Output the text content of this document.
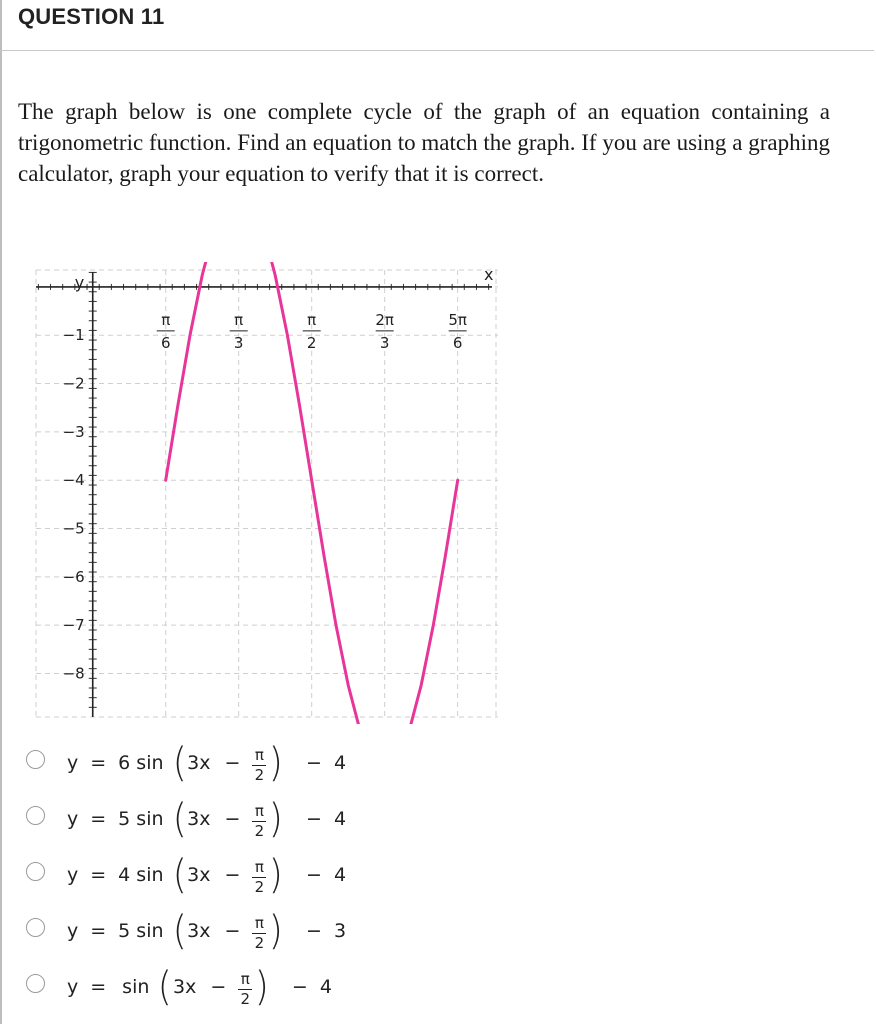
QUESTION 11
The graph below is one complete cycle of the graph of an equation containing a trigonometric function. Find an equation to match the graph. If you are using a graphing calculator, graph your equation to verify that it is correct.
x
y
π
6
π
3
π
2
2π
3
5π
6
−1
−2
−3
−4
−5
−6
−7
−8
y = 6 sin ( $3x - \frac{\pi}{2}$ ) −  4
y = 5 sin ( $3x - \frac{\pi}{2}$ ) −  4
y = 4 sin ( $3x - \frac{\pi}{2}$ ) −  4
y = 5 sin ( $3x - \frac{\pi}{2}$ ) −  3
y = sin ( $3x - \frac{\pi}{2}$ ) −  4
